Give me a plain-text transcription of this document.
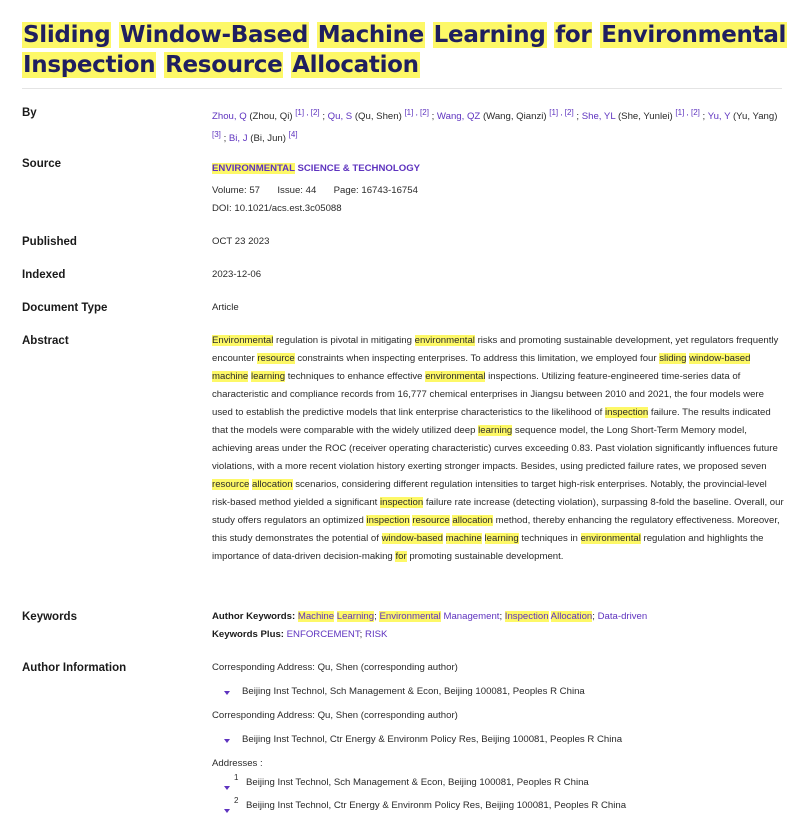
Sliding Window-Based Machine Learning for Environmental Inspection Resource Allocation
By	Zhou, Q (Zhou, Qi) [1] , [2] ; Qu, S (Qu, Shen) [1] , [2] ; Wang, QZ (Wang, Qianzi) [1] , [2] ; She, YL (She, Yunlei) [1] , [2] ; Yu, Y (Yu, Yang) [3] ; Bi, J (Bi, Jun) [4]
Source	ENVIRONMENTAL SCIENCE & TECHNOLOGY
Volume: 57 Issue: 44 Page: 16743-16754
DOI: 10.1021/acs.est.3c05088
Published	OCT 23 2023
Indexed	2023-12-06
Document Type	Article
Abstract	Environmental regulation is pivotal in mitigating environmental risks and promoting sustainable development, yet regulators frequently encounter resource constraints when inspecting enterprises. To address this limitation, we employed four sliding window-based machine learning techniques to enhance effective environmental inspections. Utilizing feature-engineered time-series data of characteristic and compliance records from 16,777 chemical enterprises in Jiangsu between 2010 and 2021, the four models were used to establish the predictive models that link enterprise characteristics to the likelihood of inspection failure. The results indicated that the models were comparable with the widely utilized deep learning sequence model, the Long Short-Term Memory model, achieving areas under the ROC (receiver operating characteristic) curves exceeding 0.83. Past violation significantly influences future violations, with a more recent violation history exerting stronger impacts. Besides, using predicted failure rates, we proposed seven resource allocation scenarios, considering different regulation intensities to target high-risk enterprises. Notably, the provincial-level risk-based method yielded a significant inspection failure rate increase (detecting violation), surpassing 8-fold the baseline. Overall, our study offers regulators an optimized inspection resource allocation method, thereby enhancing the regulatory effectiveness. Moreover, this study demonstrates the potential of window-based machine learning techniques in environmental regulation and highlights the importance of data-driven decision-making for promoting sustainable development.
Keywords	Author Keywords: Machine Learning; Environmental Management; Inspection Allocation; Data-driven
Keywords Plus: ENFORCEMENT; RISK
Author Information	Corresponding Address: Qu, Shen (corresponding author)
Beijing Inst Technol, Sch Management & Econ, Beijing 100081, Peoples R China
Corresponding Address: Qu, Shen (corresponding author)
Beijing Inst Technol, Ctr Energy & Environm Policy Res, Beijing 100081, Peoples R China
Addresses :
1 Beijing Inst Technol, Sch Management & Econ, Beijing 100081, Peoples R China
2 Beijing Inst Technol, Ctr Energy & Environm Policy Res, Beijing 100081, Peoples R China
